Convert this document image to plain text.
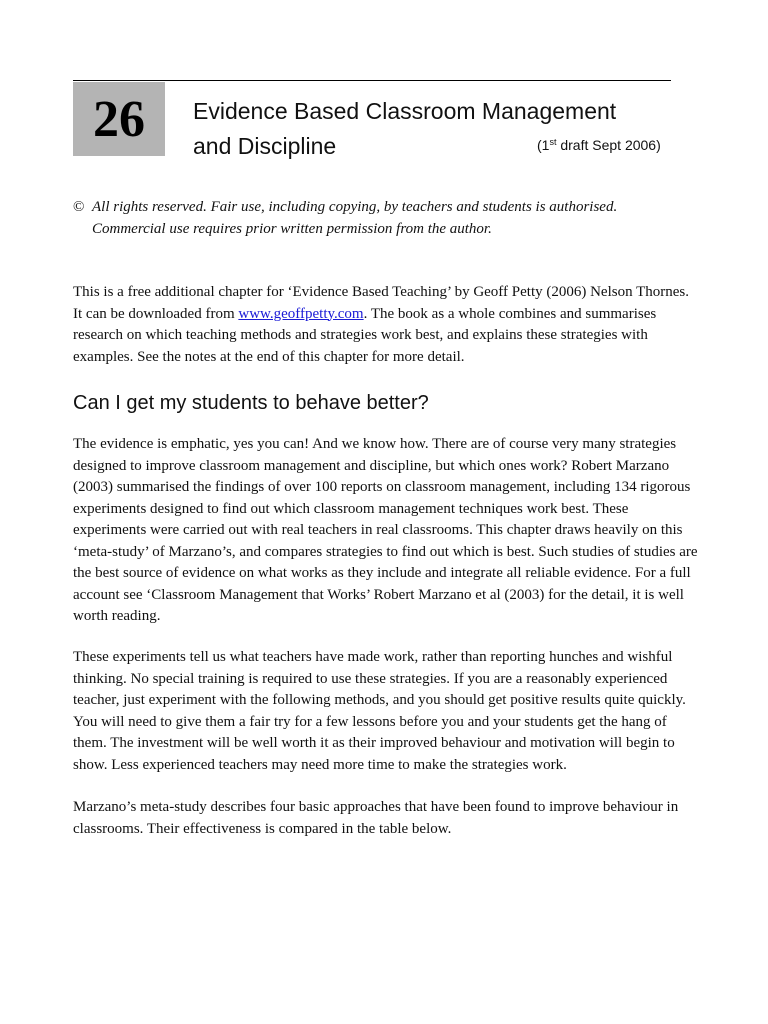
26 Evidence Based Classroom Management
and Discipline	(1st draft Sept 2006)
© All rights reserved. Fair use, including copying, by teachers and students is authorised. Commercial use requires prior written permission from the author.

This is a free additional chapter for ‘Evidence Based Teaching’ by Geoff Petty (2006) Nelson Thornes. It can be downloaded from www.geoffpetty.com. The book as a whole combines and summarises research on which teaching methods and strategies work best, and explains these strategies with examples. See the notes at the end of this chapter for more detail.

Can I get my students to behave better?

The evidence is emphatic, yes you can! And we know how. There are of course very many strategies designed to improve classroom management and discipline, but which ones work? Robert Marzano (2003) summarised the findings of over 100 reports on classroom management, including 134 rigorous experiments designed to find out which classroom management techniques work best. These experiments were carried out with real teachers in real classrooms. This chapter draws heavily on this ‘meta-study’ of Marzano’s, and compares strategies to find out which is best. Such studies of studies are the best source of evidence on what works as they include and integrate all reliable evidence. For a full account see ‘Classroom Management that Works’ Robert Marzano et al (2003) for the detail, it is well worth reading.

These experiments tell us what teachers have made work, rather than reporting hunches and wishful thinking. No special training is required to use these strategies. If you are a reasonably experienced teacher, just experiment with the following methods, and you should get positive results quite quickly. You will need to give them a fair try for a few lessons before you and your students get the hang of them. The investment will be well worth it as their improved behaviour and motivation will begin to show. Less experienced teachers may need more time to make the strategies work.

Marzano’s meta-study describes four basic approaches that have been found to improve behaviour in classrooms. Their effectiveness is compared in the table below.
